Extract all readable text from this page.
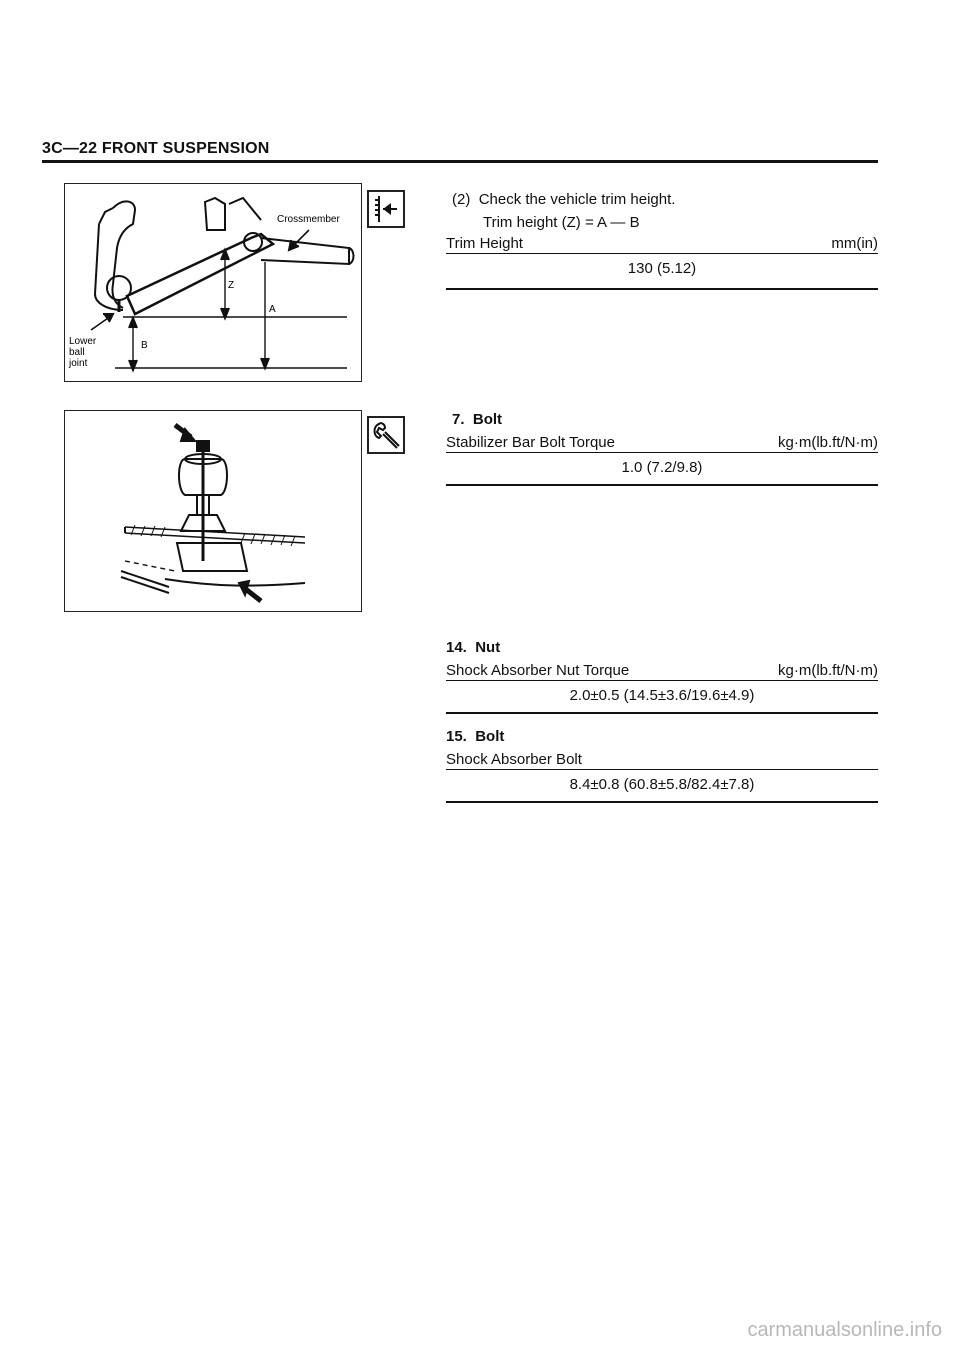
3C—22 FRONT SUSPENSION
Crossmember
Z
A
B
Lower
ball
joint
(2) Check the vehicle trim height.
Trim height (Z) = A — B
Trim Height	mm(in)
130 (5.12)
7. Bolt
Stabilizer Bar Bolt Torque	kg·m(lb.ft/N·m)
1.0 (7.2/9.8)
14. Nut
Shock Absorber Nut Torque	kg·m(lb.ft/N·m)
2.0±0.5 (14.5±3.6/19.6±4.9)
15. Bolt
Shock Absorber Bolt
8.4±0.8 (60.8±5.8/82.4±7.8)
carmanualsonline.info
